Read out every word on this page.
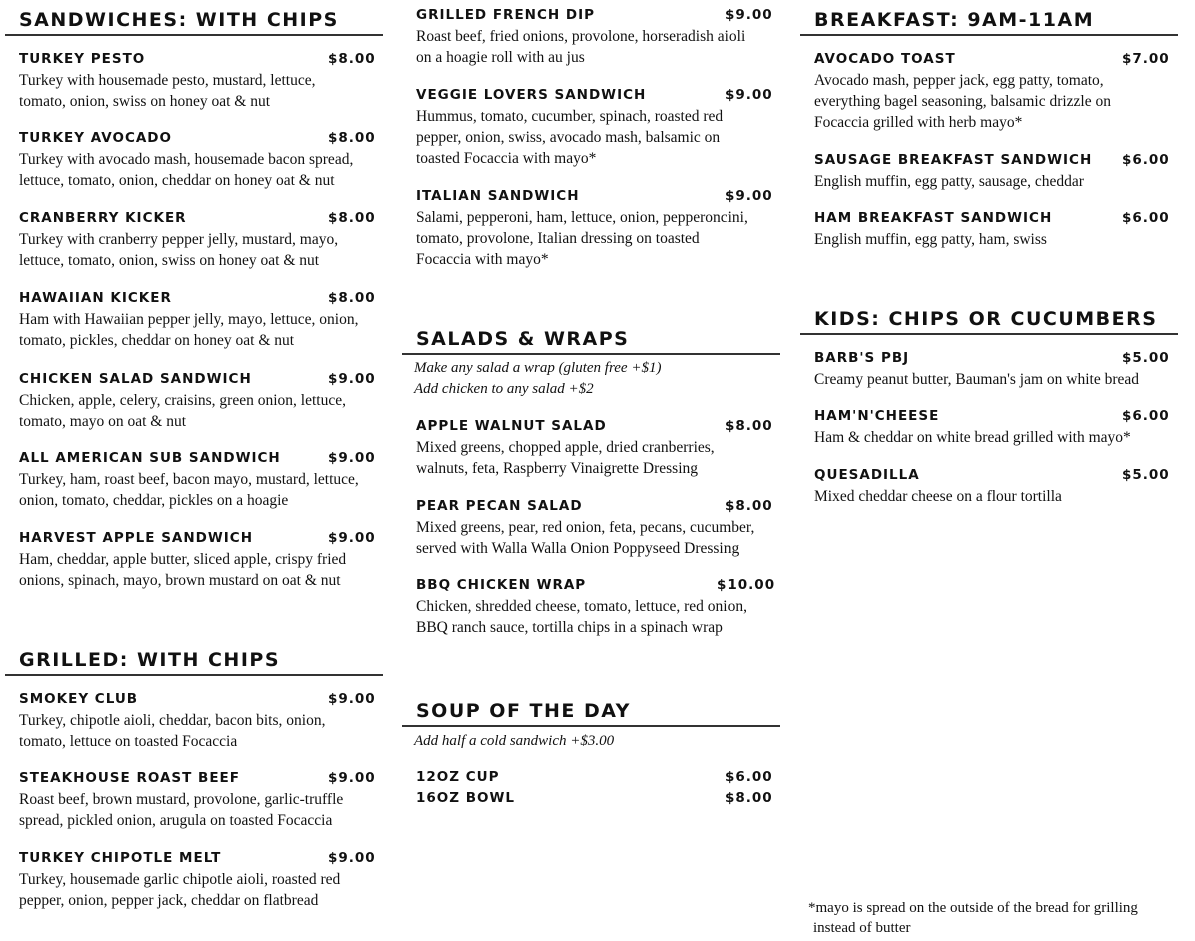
SANDWICHES: WITH CHIPS
TURKEY PESTO	$8.00
Turkey with housemade pesto, mustard, lettuce,
tomato, onion, swiss on honey oat & nut
TURKEY AVOCADO	$8.00
Turkey with avocado mash, housemade bacon spread,
lettuce, tomato, onion, cheddar on honey oat & nut
CRANBERRY KICKER	$8.00
Turkey with cranberry pepper jelly, mustard, mayo,
lettuce, tomato, onion, swiss on honey oat & nut
HAWAIIAN KICKER	$8.00
Ham with Hawaiian pepper jelly, mayo, lettuce, onion,
tomato, pickles, cheddar on honey oat & nut
CHICKEN SALAD SANDWICH	$9.00
Chicken, apple, celery, craisins, green onion, lettuce,
tomato, mayo on oat & nut
ALL AMERICAN SUB SANDWICH	$9.00
Turkey, ham, roast beef, bacon mayo, mustard, lettuce,
onion, tomato, cheddar, pickles on a hoagie
HARVEST APPLE SANDWICH	$9.00
Ham, cheddar, apple butter, sliced apple, crispy fried
onions, spinach, mayo, brown mustard on oat & nut
GRILLED: WITH CHIPS
SMOKEY CLUB	$9.00
Turkey, chipotle aioli, cheddar, bacon bits, onion,
tomato, lettuce on toasted Focaccia
STEAKHOUSE ROAST BEEF	$9.00
Roast beef, brown mustard, provolone, garlic-truffle
spread, pickled onion, arugula on toasted Focaccia
TURKEY CHIPOTLE MELT	$9.00
Turkey, housemade garlic chipotle aioli, roasted red
pepper, onion, pepper jack, cheddar on flatbread
GRILLED FRENCH DIP	$9.00
Roast beef, fried onions, provolone, horseradish aioli
on a hoagie roll with au jus
VEGGIE LOVERS SANDWICH	$9.00
Hummus, tomato, cucumber, spinach, roasted red
pepper, onion, swiss, avocado mash, balsamic on
toasted Focaccia with mayo*
ITALIAN SANDWICH	$9.00
Salami, pepperoni, ham, lettuce, onion, pepperoncini,
tomato, provolone, Italian dressing on toasted
Focaccia with mayo*
SALADS & WRAPS
Make any salad a wrap (gluten free +$1)
Add chicken to any salad +$2
APPLE WALNUT SALAD	$8.00
Mixed greens, chopped apple, dried cranberries,
walnuts, feta, Raspberry Vinaigrette Dressing
PEAR PECAN SALAD	$8.00
Mixed greens, pear, red onion, feta, pecans, cucumber,
served with Walla Walla Onion Poppyseed Dressing
BBQ CHICKEN WRAP	$10.00
Chicken, shredded cheese, tomato, lettuce, red onion,
BBQ ranch sauce, tortilla chips in a spinach wrap
SOUP OF THE DAY
Add half a cold sandwich +$3.00
12OZ CUP	$6.00
16OZ BOWL	$8.00
BREAKFAST: 9AM-11AM
AVOCADO TOAST	$7.00
Avocado mash, pepper jack, egg patty, tomato,
everything bagel seasoning, balsamic drizzle on
Focaccia grilled with herb mayo*
SAUSAGE BREAKFAST SANDWICH $6.00
English muffin, egg patty, sausage, cheddar
HAM BREAKFAST SANDWICH	$6.00
English muffin, egg patty, ham, swiss
KIDS: CHIPS OR CUCUMBERS
BARB'S PBJ	$5.00
Creamy peanut butter, Bauman's jam on white bread
HAM'N'CHEESE	$6.00
Ham & cheddar on white bread grilled with mayo*
QUESADILLA	$5.00
Mixed cheddar cheese on a flour tortilla
*mayo is spread on the outside of the bread for grilling
instead of butter
